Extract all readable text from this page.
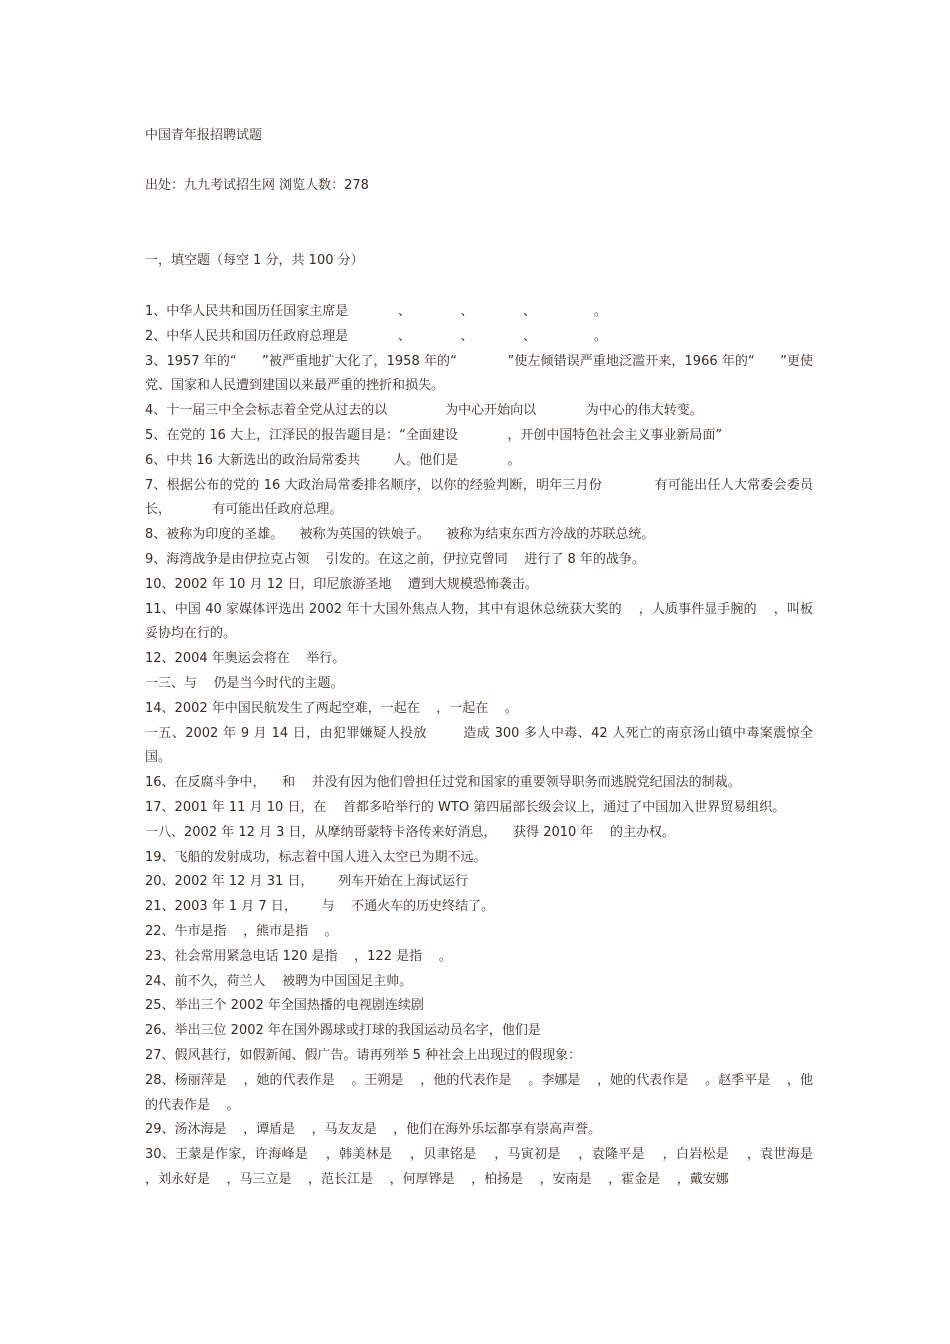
中国青年报招聘试题
出处：九九考试招生网 浏览人数：278
一，填空题（每空 1 分，共 100 分）
1、中华人民共和国历任国家主席是            、            、            、              。
2、中华人民共和国历任政府总理是            、            、            、              。
3、1957 年的“      ”被严重地扩大化了，1958 年的“            ”使左倾错误严重地泛滥开来，1966 年的“      ”更使党、国家和人民遭到建国以来最严重的挫折和损失。
4、十一届三中全会标志着全党从过去的以              为中心开始向以            为中心的伟大转变。
5、在党的 16 大上，江泽民的报告题目是：“全面建设            ，开创中国特色社会主义事业新局面”
6、中共 16 大新选出的政治局常委共        人。他们是            。
7、根据公布的党的 16 大政治局常委排名顺序，以你的经验判断，明年三月份            有可能出任人大常委会委员长，          有可能出任政府总理。
8、被称为印度的圣雄。    被称为英国的铁娘子。    被称为结束东西方冷战的苏联总统。
9、海湾战争是由伊拉克占领    引发的。在这之前，伊拉克曾同    进行了 8 年的战争。
10、2002 年 10 月 12 日，印尼旅游圣地    遭到大规模恐怖袭击。
11、中国 40 家媒体评选出 2002 年十大国外焦点人物，其中有退休总统获大奖的    ，人质事件显手腕的    ，叫板妥协均在行的。
12、2004 年奥运会将在    举行。
一三、与    仍是当今时代的主题。
14、2002 年中国民航发生了两起空难，一起在    ，一起在    。
一五、2002 年 9 月 14 日，由犯罪嫌疑人投放        造成 300 多人中毒、42 人死亡的南京汤山镇中毒案震惊全国。
16、在反腐斗争中，    和    并没有因为他们曾担任过党和国家的重要领导职务而逃脱党纪国法的制裁。
17、2001 年 11 月 10 日，在    首都多哈举行的 WTO 第四届部长级会议上，通过了中国加入世界贸易组织。
一八、2002 年 12 月 3 日，从摩纳哥蒙特卡洛传来好消息，    获得 2010 年    的主办权。
19、飞船的发射成功，标志着中国人进入太空已为期不远。
20、2002 年 12 月 31 日，      列车开始在上海试运行
21、2003 年 1 月 7 日，      与    不通火车的历史终结了。
22、牛市是指    ，熊市是指    。
23、社会常用紧急电话 120 是指    ，122 是指    。
24、前不久，荷兰人    被聘为中国国足主帅。
25、举出三个 2002 年全国热播的电视剧连续剧
26、举出三位 2002 年在国外踢球或打球的我国运动员名字，他们是
27、假风甚行，如假新闻、假广告。请再列举 5 种社会上出现过的假现象：
28、杨丽萍是    ，她的代表作是    。王朔是    ，他的代表作是    。李娜是    ，她的代表作是    。赵季平是    ，他的代表作是    。
29、汤沐海是    ，谭盾是    ，马友友是    ，他们在海外乐坛都享有崇高声誉。
30、王蒙是作家，许海峰是    ，韩美林是    ，贝聿铭是    ，马寅初是    ，袁隆平是    ，白岩松是    ，袁世海是    ，刘永好是    ，马三立是    ，范长江是    ，何厚铧是    ，柏扬是    ，安南是    ，霍金是    ，戴安娜
